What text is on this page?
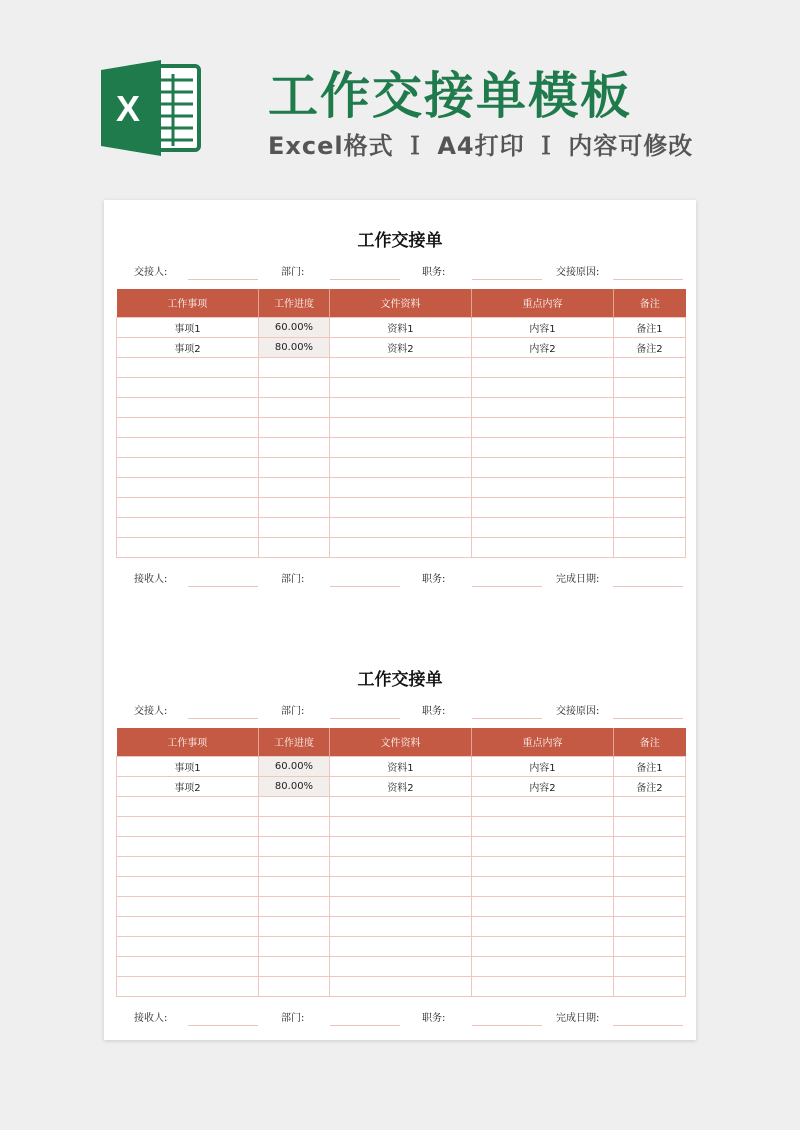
X	工作交接单模板
Excel格式 Ｉ A4打印 Ｉ 内容可修改
工作交接单
交接人:	部门:	职务:	交接原因:
工作事项	工作进度	文件资料	重点内容	备注
事项1	60.00%	资料1	内容1	备注1
事项2	80.00%	资料2	内容2	备注2

接收人:	部门:	职务:	完成日期:
工作交接单
交接人:	部门:	职务:	交接原因:
工作事项	工作进度	文件资料	重点内容	备注
事项1	60.00%	资料1	内容1	备注1
事项2	80.00%	资料2	内容2	备注2

接收人:	部门:	职务:	完成日期:
